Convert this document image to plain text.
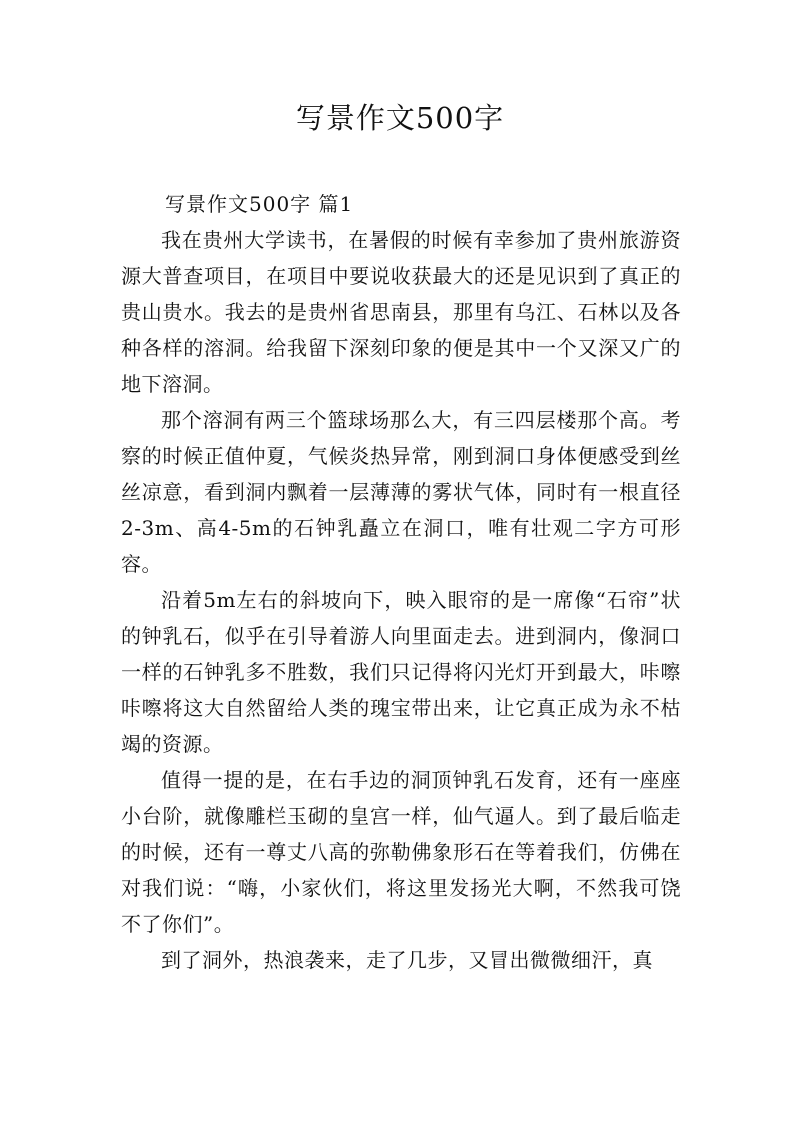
写景作文500字

写景作文500字 篇1

我在贵州大学读书，在暑假的时候有幸参加了贵州旅游资源大普查项目，在项目中要说收获最大的还是见识到了真正的贵山贵水。我去的是贵州省思南县，那里有乌江、石林以及各种各样的溶洞。给我留下深刻印象的便是其中一个又深又广的地下溶洞。

那个溶洞有两三个篮球场那么大，有三四层楼那个高。考察的时候正值仲夏，气候炎热异常，刚到洞口身体便感受到丝丝凉意，看到洞内飘着一层薄薄的雾状气体，同时有一根直径2-3m、高4-5m的石钟乳矗立在洞口，唯有壮观二字方可形容。

沿着5m左右的斜坡向下，映入眼帘的是一席像“石帘”状的钟乳石，似乎在引导着游人向里面走去。进到洞内，像洞口一样的石钟乳多不胜数，我们只记得将闪光灯开到最大，咔嚓咔嚓将这大自然留给人类的瑰宝带出来，让它真正成为永不枯竭的资源。

值得一提的是，在右手边的洞顶钟乳石发育，还有一座座小台阶，就像雕栏玉砌的皇宫一样，仙气逼人。到了最后临走的时候，还有一尊丈八高的弥勒佛象形石在等着我们，仿佛在对我们说：“嗨，小家伙们，将这里发扬光大啊，不然我可饶不了你们”。

到了洞外，热浪袭来，走了几步，又冒出微微细汗，真
